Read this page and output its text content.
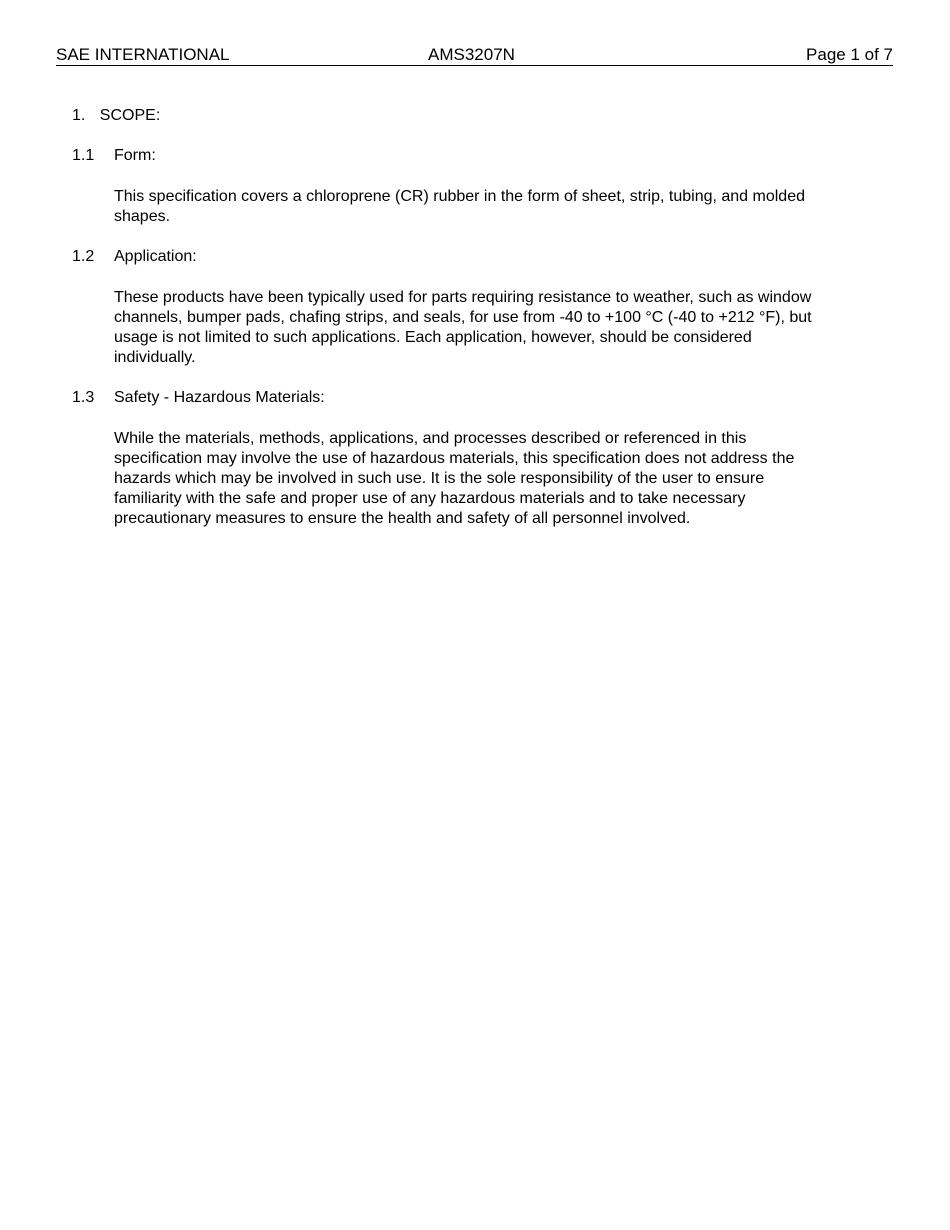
SAE INTERNATIONAL	AMS3207N	Page 1 of 7
1. SCOPE:
1.1 Form:
This specification covers a chloroprene (CR) rubber in the form of sheet, strip, tubing, and molded
shapes.
1.2 Application:
These products have been typically used for parts requiring resistance to weather, such as window
channels, bumper pads, chafing strips, and seals, for use from -40 to +100 °C (-40 to +212 °F), but
usage is not limited to such applications. Each application, however, should be considered
individually.
1.3 Safety - Hazardous Materials:
While the materials, methods, applications, and processes described or referenced in this
specification may involve the use of hazardous materials, this specification does not address the
hazards which may be involved in such use. It is the sole responsibility of the user to ensure
familiarity with the safe and proper use of any hazardous materials and to take necessary
precautionary measures to ensure the health and safety of all personnel involved.
